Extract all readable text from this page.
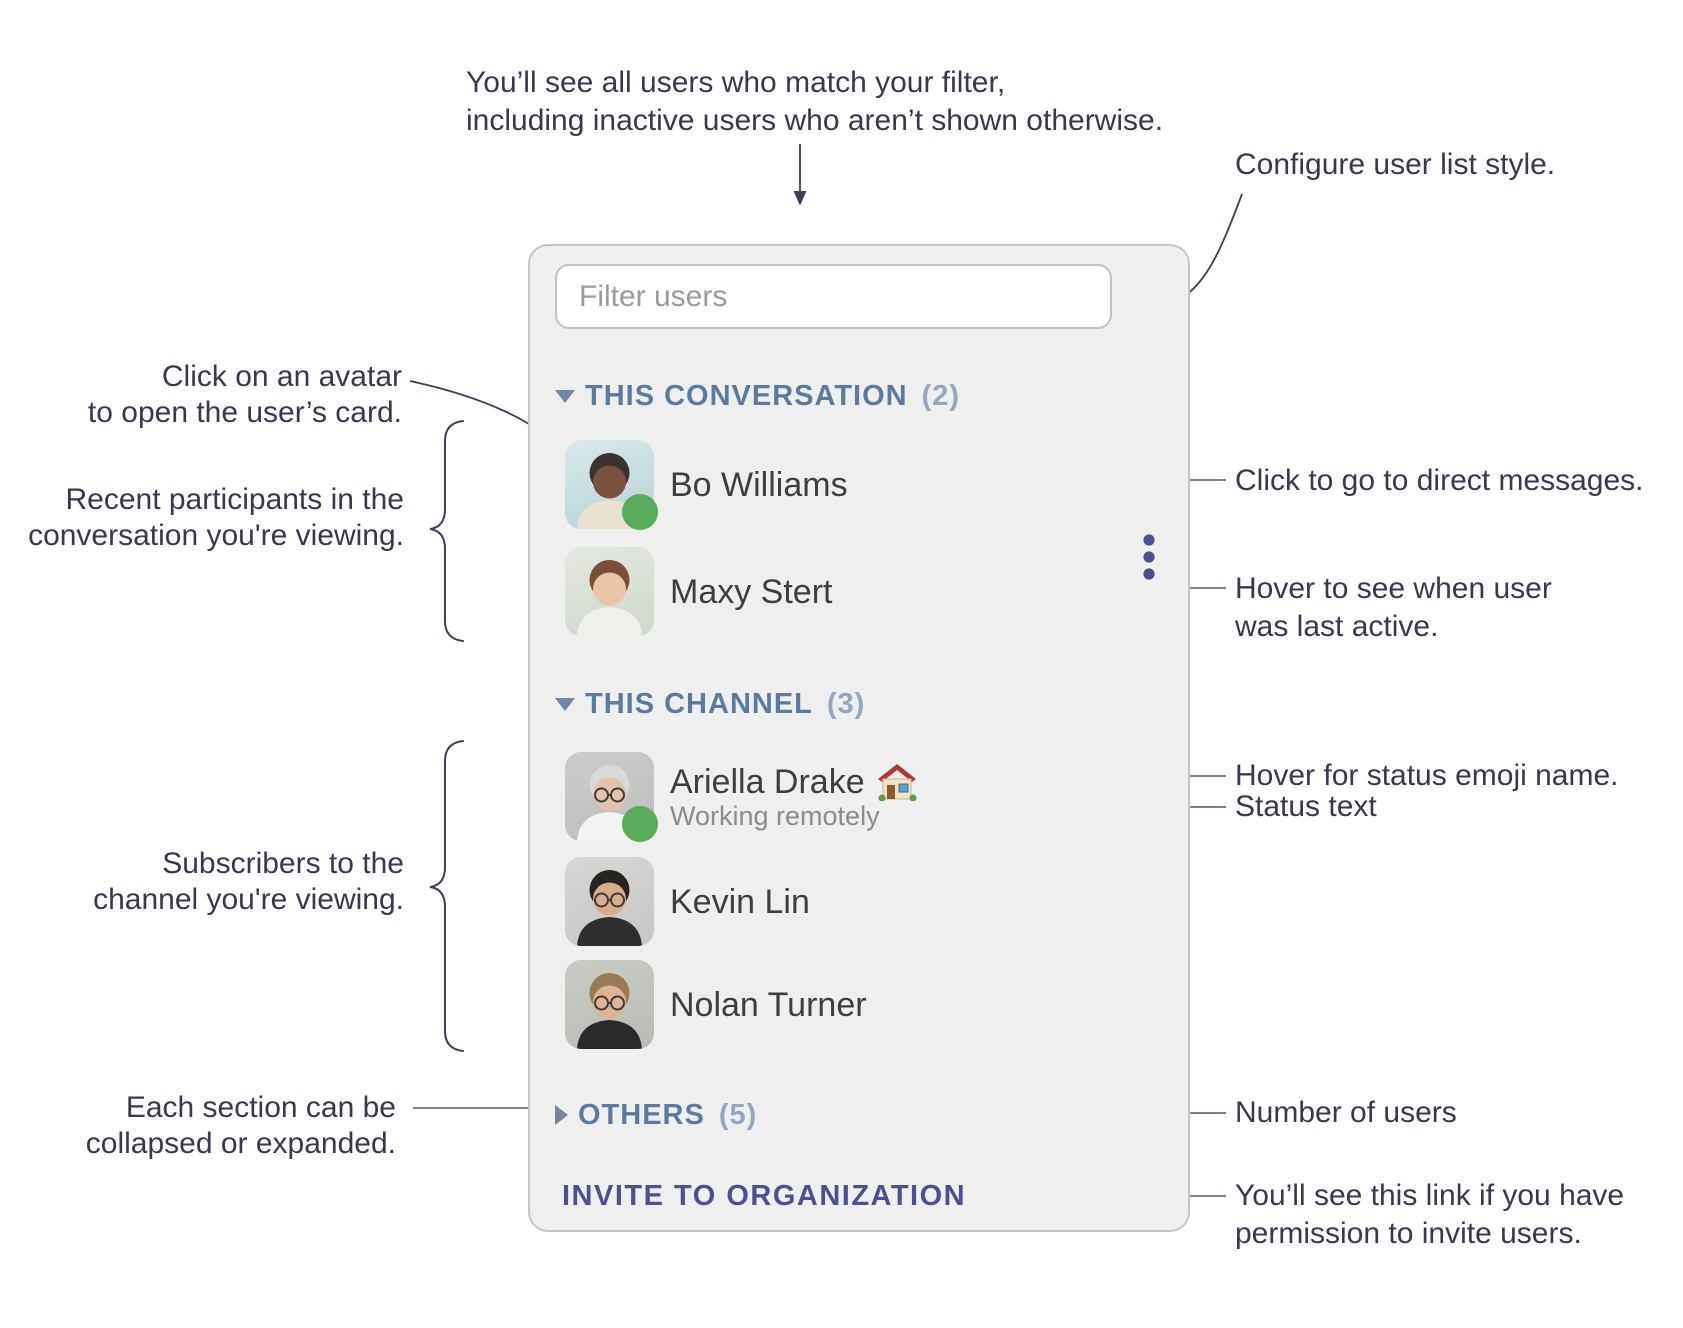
You’ll see all users who match your filter,
including inactive users who aren’t shown otherwise.
Configure user list style.
Click on an avatar
to open the user’s card.
Recent participants in the
conversation you're viewing.
Subscribers to the
channel you're viewing.
Each section can be
collapsed or expanded.
Click to go to direct messages.
Hover to see when user
was last active.
Hover for status emoji name.
Status text
Number of users
You’ll see this link if you have
permission to invite users.
Filter users
THIS CONVERSATION (2)
Bo Williams
Maxy Stert
THIS CHANNEL (3)
Ariella Drake
Working remotely
Kevin Lin
Nolan Turner
OTHERS (5)
INVITE TO ORGANIZATION
